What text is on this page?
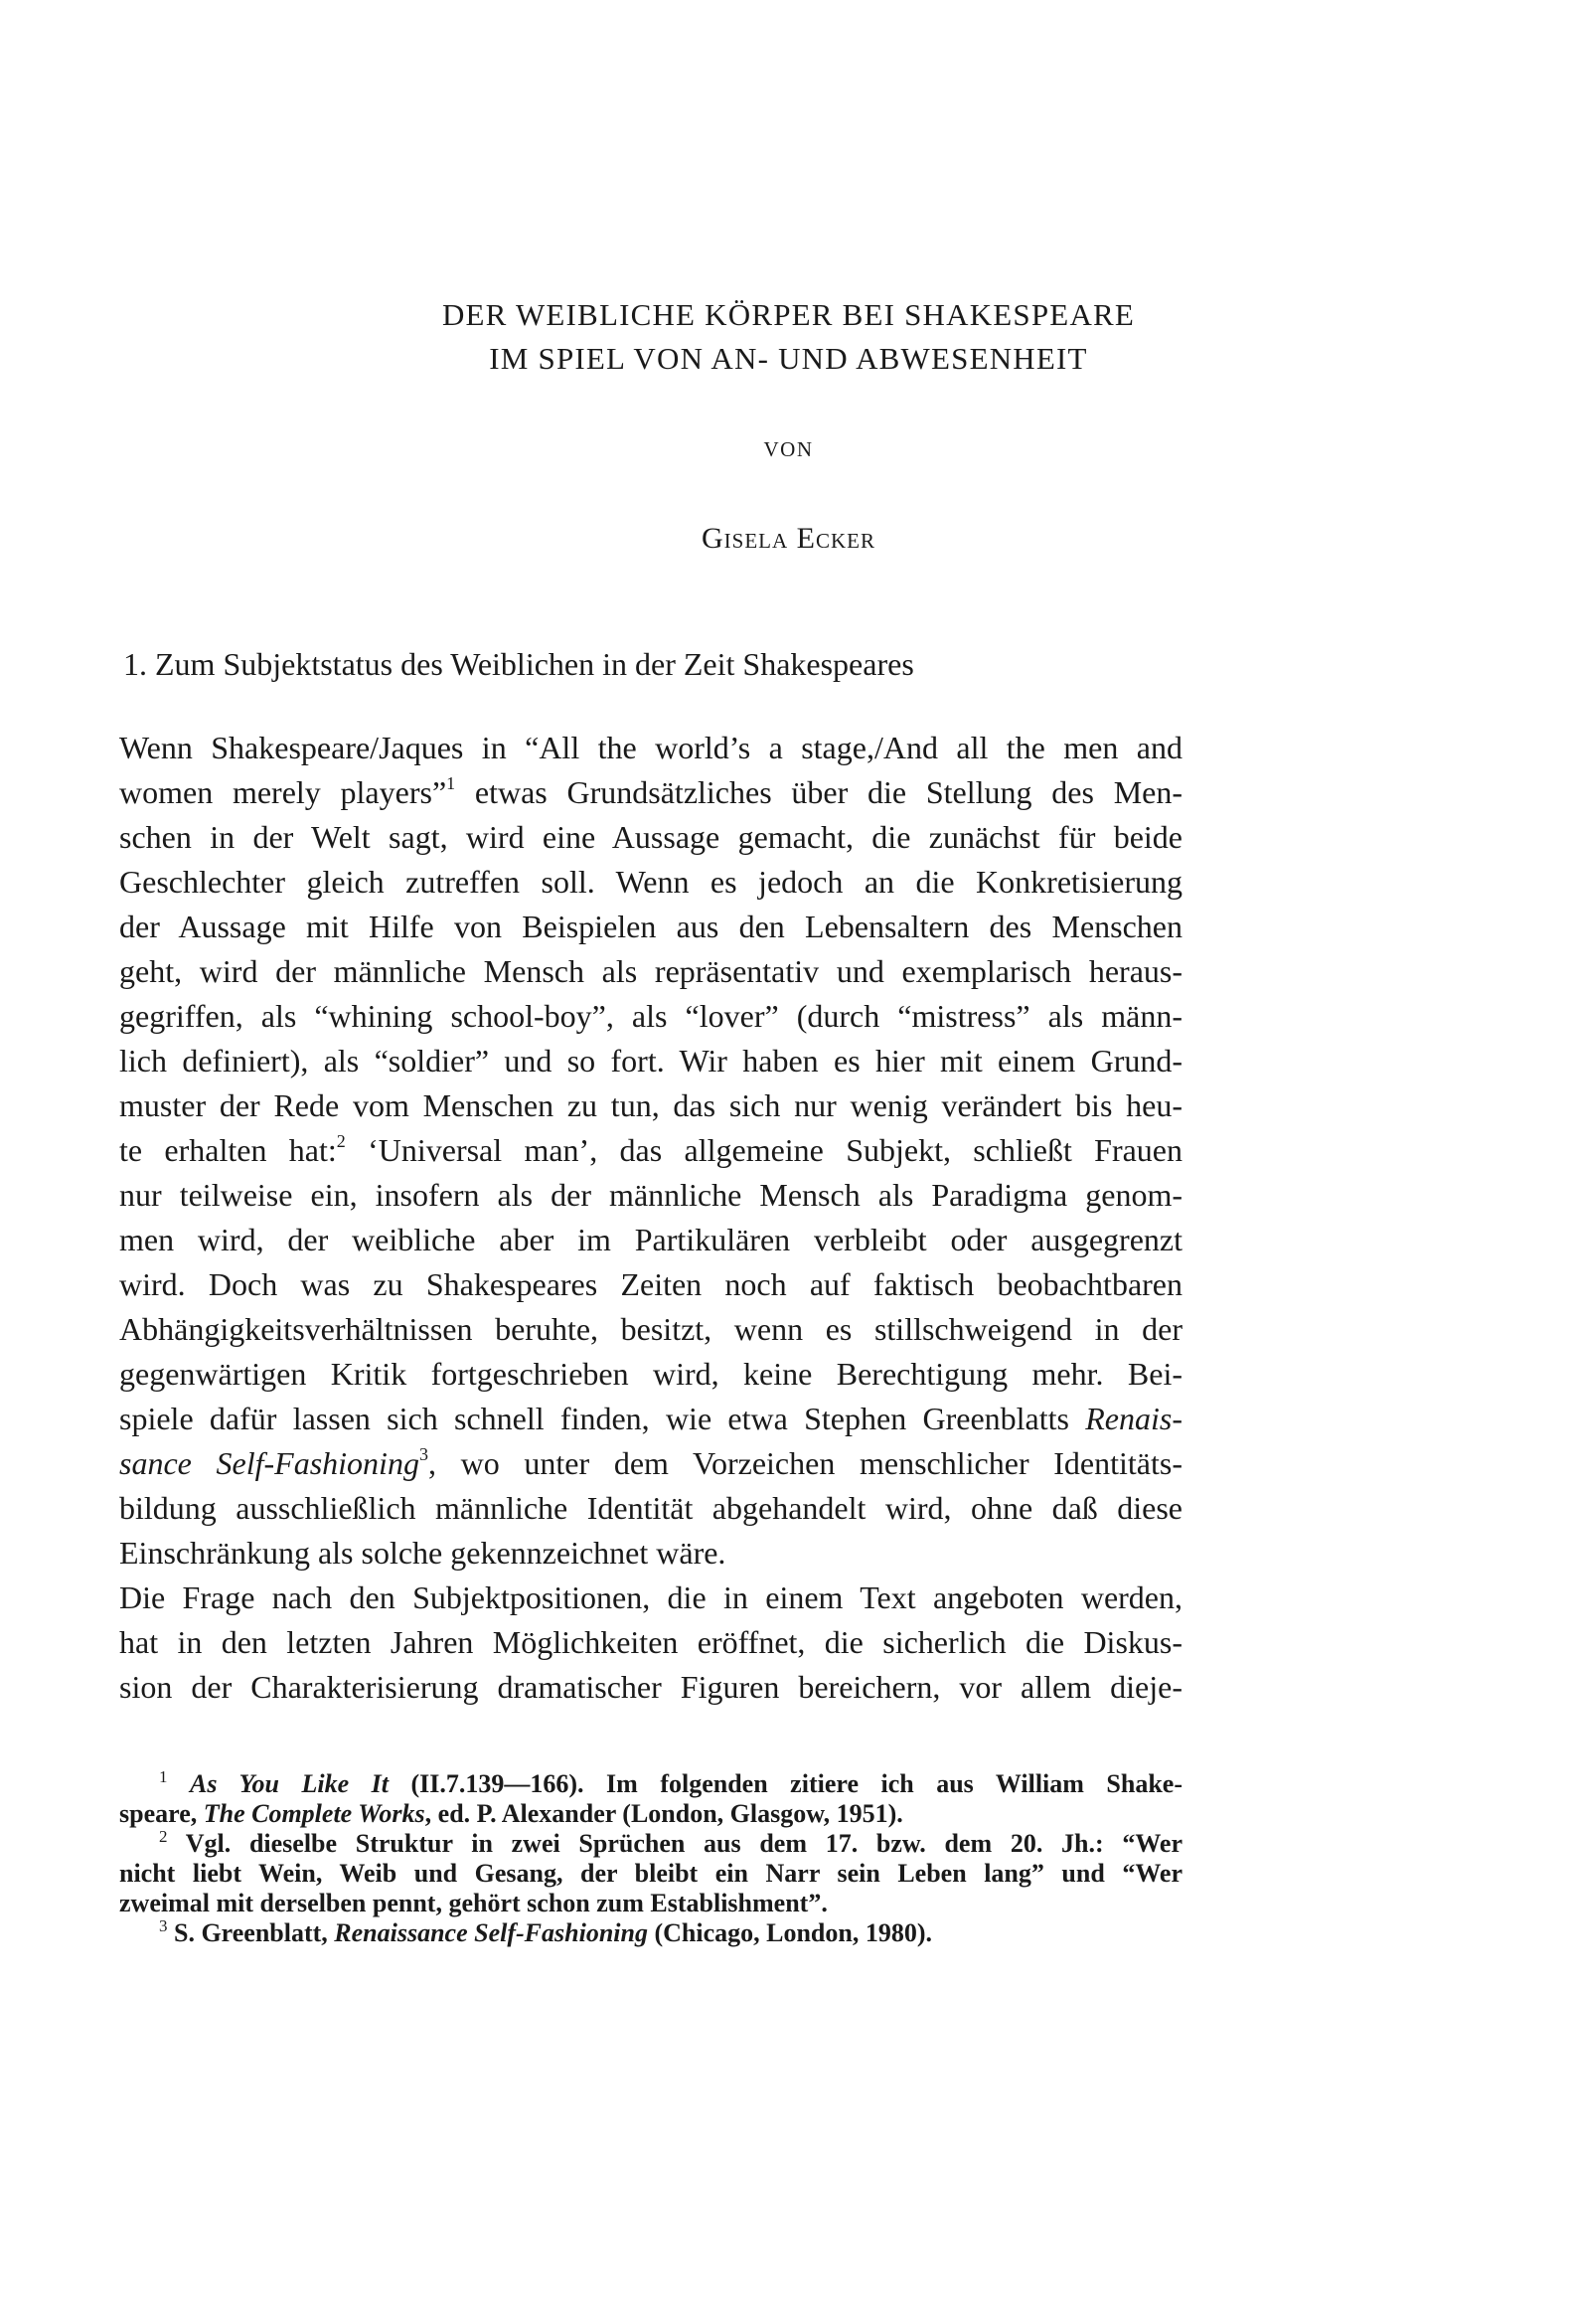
DER WEIBLICHE KÖRPER BEI SHAKESPEARE
IM SPIEL VON AN- UND ABWESENHEIT
VON
Gisela Ecker
1. Zum Subjektstatus des Weiblichen in der Zeit Shakespeares
Wenn Shakespeare/Jaques in “All the world’s a stage,/And all the men and
women merely players”$^1$ etwas Grundsätzliches über die Stellung des Men-
schen in der Welt sagt, wird eine Aussage gemacht, die zunächst für beide
Geschlechter gleich zutreffen soll. Wenn es jedoch an die Konkretisierung
der Aussage mit Hilfe von Beispielen aus den Lebensaltern des Menschen
geht, wird der männliche Mensch als repräsentativ und exemplarisch heraus-
gegriffen, als “whining school-boy”, als “lover” (durch “mistress” als männ-
lich definiert), als “soldier” und so fort. Wir haben es hier mit einem Grund-
muster der Rede vom Menschen zu tun, das sich nur wenig verändert bis heu-
te erhalten hat:$^2$ ‘Universal man’, das allgemeine Subjekt, schließt Frauen
nur teilweise ein, insofern als der männliche Mensch als Paradigma genom-
men wird, der weibliche aber im Partikulären verbleibt oder ausgegrenzt
wird. Doch was zu Shakespeares Zeiten noch auf faktisch beobachtbaren
Abhängigkeitsverhältnissen beruhte, besitzt, wenn es stillschweigend in der
gegenwärtigen Kritik fortgeschrieben wird, keine Berechtigung mehr. Bei-
spiele dafür lassen sich schnell finden, wie etwa Stephen Greenblatts Renais-
sance Self-Fashioning$^3$, wo unter dem Vorzeichen menschlicher Identitäts-
bildung ausschließlich männliche Identität abgehandelt wird, ohne daß diese
Einschränkung als solche gekennzeichnet wäre.
Die Frage nach den Subjektpositionen, die in einem Text angeboten werden,
hat in den letzten Jahren Möglichkeiten eröffnet, die sicherlich die Diskus-
sion der Charakterisierung dramatischer Figuren bereichern, vor allem dieje-
$^1$ As You Like It (II.7.139—166). Im folgenden zitiere ich aus William Shake-
speare, The Complete Works, ed. P. Alexander (London, Glasgow, 1951).
$^2$ Vgl. dieselbe Struktur in zwei Sprüchen aus dem 17. bzw. dem 20. Jh.: “Wer
nicht liebt Wein, Weib und Gesang, der bleibt ein Narr sein Leben lang” und “Wer
zweimal mit derselben pennt, gehört schon zum Establishment”.
$^3$ S. Greenblatt, Renaissance Self-Fashioning (Chicago, London, 1980).
